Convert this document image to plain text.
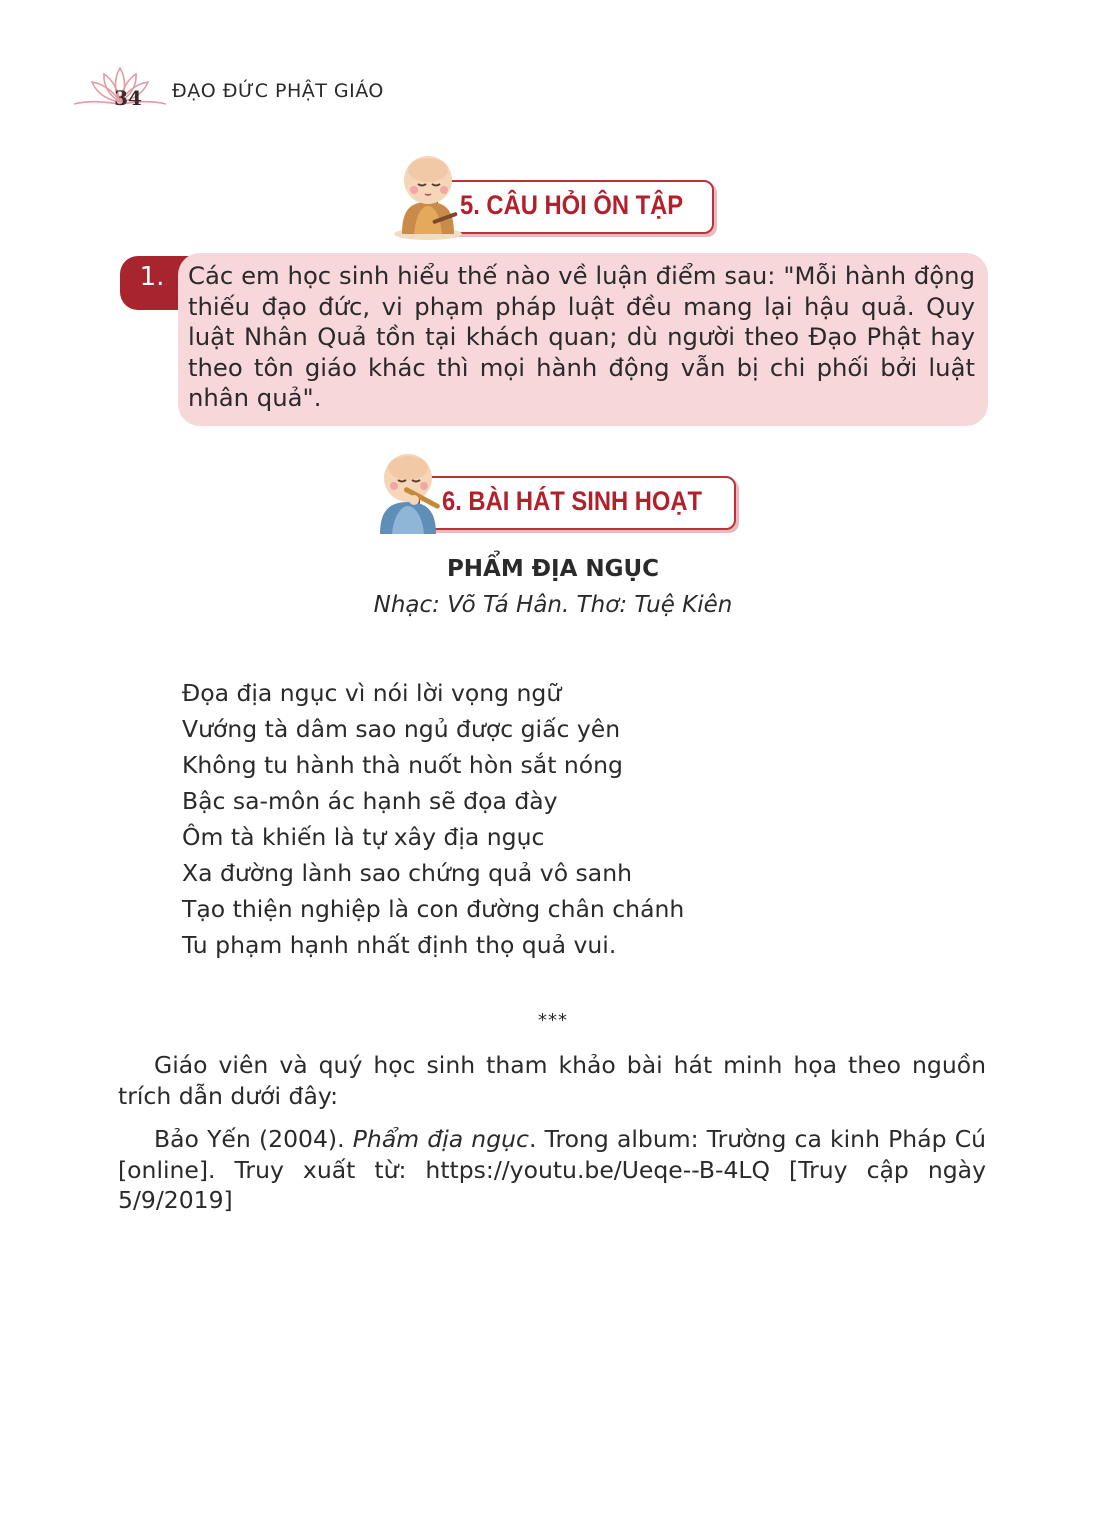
34 ĐẠO ĐỨC PHẬT GIÁO
5. CÂU HỎI ÔN TẬP
1. Các em học sinh hiểu thế nào về luận điểm sau: "Mỗi hành động thiếu đạo đức, vi phạm pháp luật đều mang lại hậu quả. Quy luật Nhân Quả tồn tại khách quan; dù người theo Đạo Phật hay theo tôn giáo khác thì mọi hành động vẫn bị chi phối bởi luật nhân quả".
6. BÀI HÁT SINH HOẠT
PHẨM ĐỊA NGỤC
Nhạc: Võ Tá Hân. Thơ: Tuệ Kiên
Đọa địa ngục vì nói lời vọng ngữ
Vướng tà dâm sao ngủ được giấc yên
Không tu hành thà nuốt hòn sắt nóng
Bậc sa-môn ác hạnh sẽ đọa đày
Ôm tà khiến là tự xây địa ngục
Xa đường lành sao chứng quả vô sanh
Tạo thiện nghiệp là con đường chân chánh
Tu phạm hạnh nhất định thọ quả vui.
***
Giáo viên và quý học sinh tham khảo bài hát minh họa theo nguồn trích dẫn dưới đây:
Bảo Yến (2004). Phẩm địa ngục. Trong album: Trường ca kinh Pháp Cú [online]. Truy xuất từ: https://youtu.be/Ueqe--B-4LQ [Truy cập ngày 5/9/2019]
